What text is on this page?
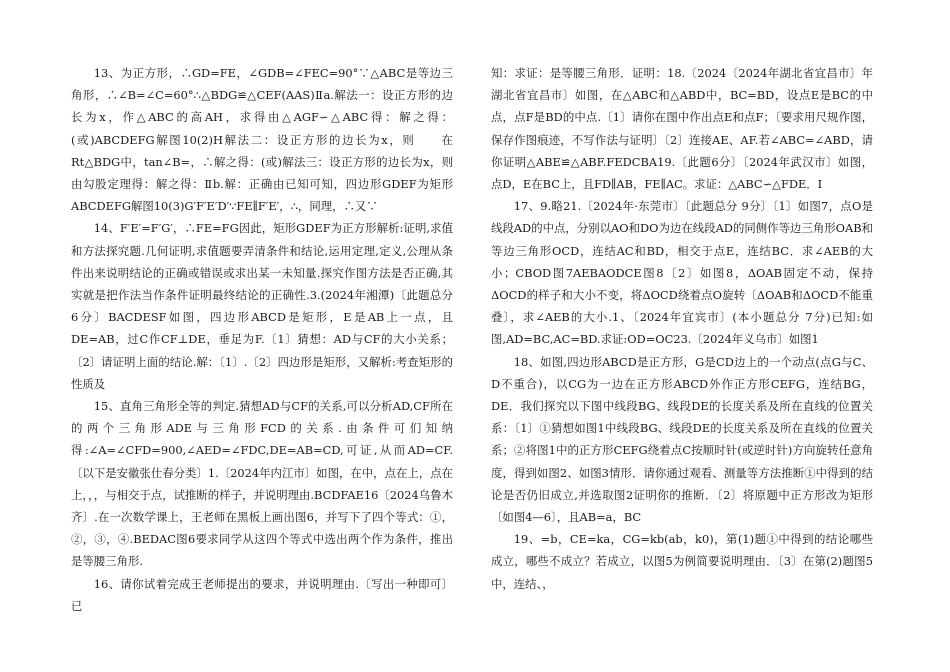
13、为正方形，∴GD=FE，∠GDB=∠FEC=90°∵△ABC是等边三角形，∴∠B=∠C=60°∴△BDG≌△CEF(AAS)Ⅱa.解法一：设正方形的边长为x，作△ABC的高AH，求得由△AGF∽△ABC得：解之得：(或)ABCDEFG解图10(2)H解法二：设正方形的边长为x，则　　在Rt△BDG中，tan∠B=，∴解之得：(或)解法三：设正方形的边长为x，则由勾股定理得：解之得：Ⅱb.解：正确由已知可知，四边形GDEF为矩形ABCDEFG解图10(3)G′F′E′D′∵FE∥F′E′，∴，同理，∴又∵

14、F′E′=F′G′，∴FE=FG因此，矩形GDEF为正方形解析:证明,求值和方法探究题.几何证明,求值题要弄清条件和结论,运用定理,定义,公理从条件出来说明结论的正确或错误或求出某一未知量.探究作图方法是否正确,其实就是把作法当作条件证明最终结论的正确性.3.(2024年湘潭)〔此题总分 6分〕BACDESF如图，四边形ABCD是矩形，E是AB上一点，且DE=AB，过C作CF⊥DE，垂足为F.〔1〕猜想：AD与CF的大小关系；〔2〕请证明上面的结论.解：〔1〕.〔2〕四边形是矩形，又解析:考查矩形的性质及

15、直角三角形全等的判定.猜想AD与CF的关系,可以分析AD,CF所在的两个三角形ADE与三角形FCD的关系.由条件可们知纳得:∠A=∠CFD=900,∠AED=∠FDC,DE=AB=CD,可证,从而AD=CF.〔以下是安徽张仕春分类〕1.〔2024年内江市〕如图，在中，点在上，点在上，，，与相交于点，试推断的样子，并说明理由.BCDFAE16〔2024乌鲁木齐〕.在一次数学课上，王老师在黑板上画出图6，并写下了四个等式：①，②，③，④.BEDAC图6要求同学从这四个等式中选出两个作为条件，推出是等腰三角形.

16、请你试着完成王老师提出的要求，并说明理由.〔写出一种即可〕已

知：求证：是等腰三角形．证明：18.〔2024〔2024年湖北省宜昌市〕年湖北省宜昌市〕如图，在△ABC和△ABD中，BC=BD，设点E是BC的中点，点F是BD的中点.〔1〕请你在图中作出点E和点F；〔要求用尺规作图，保存作图痕迹，不写作法与证明〕〔2〕连接AE、AF.若∠ABC=∠ABD，请你证明△ABE≌△ABF.FEDCBA19.〔此题6分〕〔2024年武汉市〕如图，点D，E在BC上，且FD∥AB，FE∥AC。求证：△ABC∽△FDE．I

17、9.略21.〔2024年·东莞市〕〔此题总分 9分〕〔1〕如图7，点O是线段AD的中点，分别以AO和DO为边在线段AD的同侧作等边三角形OAB和等边三角形OCD，连结AC和BD，相交于点E，连结BC．求∠AEB的大小；CBOD图7AEBAODCE图8〔2〕如图8，ΔOAB固定不动，保持ΔOCD的样子和大小不变，将ΔOCD绕着点O旋转〔ΔOAB和ΔOCD不能重叠〕，求∠AEB的大小.1、〔2024年宜宾市〕(本小题总分 7分)已知:如图,AD=BC,AC=BD.求证:OD=OC23.〔2024年义乌市〕如图1

18、如图,四边形ABCD是正方形，G是CD边上的一个动点(点G与C、D不重合)，以CG为一边在正方形ABCD外作正方形CEFG，连结BG，DE．我们探究以下图中线段BG、线段DE的长度关系及所在直线的位置关系：〔1〕①猜想如图1中线段BG、线段DE的长度关系及所在直线的位置关系；②将图1中的正方形CEFG绕着点C按顺时针(或逆时针)方向旋转任意角度，得到如图2、如图3情形．请你通过观看、测量等方法推断①中得到的结论是否仍旧成立,并选取图2证明你的推断．〔2〕将原题中正方形改为矩形〔如图4—6〕，且AB=a，BC

19、=b，CE=ka，CG=kb(ab，k0)，第(1)题①中得到的结论哪些成立，哪些不成立？若成立，以图5为例简要说明理由．〔3〕在第(2)题图5中，连结、，
